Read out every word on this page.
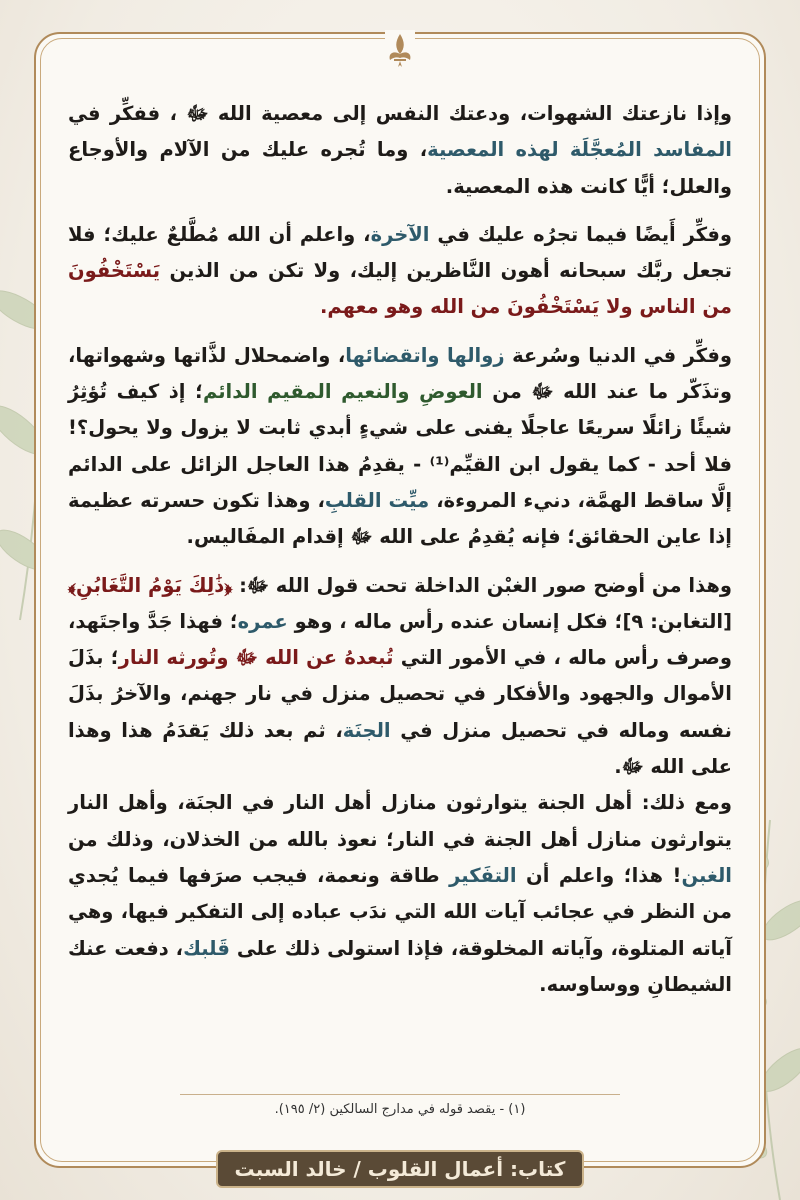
وإذا نازعتك الشهوات، ودعتك النفس إلى معصية الله ﷻ ، ففكِّر في المفاسد المُعجَّلَة لهذه المعصية، وما تُجره عليك من الآلام والأوجاع والعلل؛ أيًّا كانت هذه المعصية.

وفكِّر أَيضًا فيما تجرُه عليك في الآخرة، واعلم أن الله مُطَّلعٌ عليك؛ فلا تجعل ربَّك سبحانه أهون النَّاظرين إليك، ولا تكن من الذين يَسْتَخْفُونَ من الناس ولا يَسْتَخْفُونَ من الله وهو معهم.

وفكِّر في الدنيا وسُرعة زوالها واتقضائها، واضمحلال لذَّاتها وشهواتها، وتذَكّر ما عند الله ﷻ من العوضِ والنعيم المقيم الدائم؛ إذ كيف تُؤثِرُ شيئًا زائلًا سريعًا عاجلًا يفنى على شيءٍ أبدي ثابت لا يزول ولا يحول؟! فلا أحد - كما يقول ابن القيِّم⁽¹⁾ - يقدِمُ هذا العاجل الزائل على الدائم إلَّا ساقط الهمَّة، دنيء المروءة، ميِّت القلبِ، وهذا تكون حسرته عظيمة إذا عاين الحقائق؛ فإنه يُقدِمُ على الله ﷻ إقدام المفَاليس.

وهذا من أوضح صور الغبْن الداخلة تحت قول الله ﷻ: ﴿ذَٰلِكَ يَوْمُ التَّغَابُنِ﴾ [التغابن: ٩]؛ فكل إنسان عنده رأس ماله ، وهو عمره؛ فهذا جَدَّ واجتَهد، وصرف رأس ماله ، في الأمور التي تُبعدهُ عن الله ﷻ وتُورثه النار؛ بذَلَ الأموال والجهود والأفكار في تحصيل منزل في نار جهنم، والآخرُ بذَلَ نفسه وماله في تحصيل منزل في الجنَة، ثم بعد ذلك يَقدَمُ هذا وهذا على الله ﷻ.

ومع ذلك: أهل الجنة يتوارثون منازل أهل النار في الجنَة، وأهل النار يتوارثون منازل أهل الجنة في النار؛ نعوذ بالله من الخذلان، وذلك من الغبن! هذا؛ واعلم أن التفَكير طاقة ونعمة، فيجب صرَفها فيما يُجدي من النظر في عجائب آيات الله التي ندَب عباده إلى التفكير فيها، وهي آياته المتلوة، وآياته المخلوقة، فإذا استولى ذلك على قَلبك، دفعت عنك الشيطانِ ووساوسه.

(١) - يقصد قوله في مدارج السالكين (٢/ ١٩٥).
كتاب: أعمال القلوب / خالد السبت
